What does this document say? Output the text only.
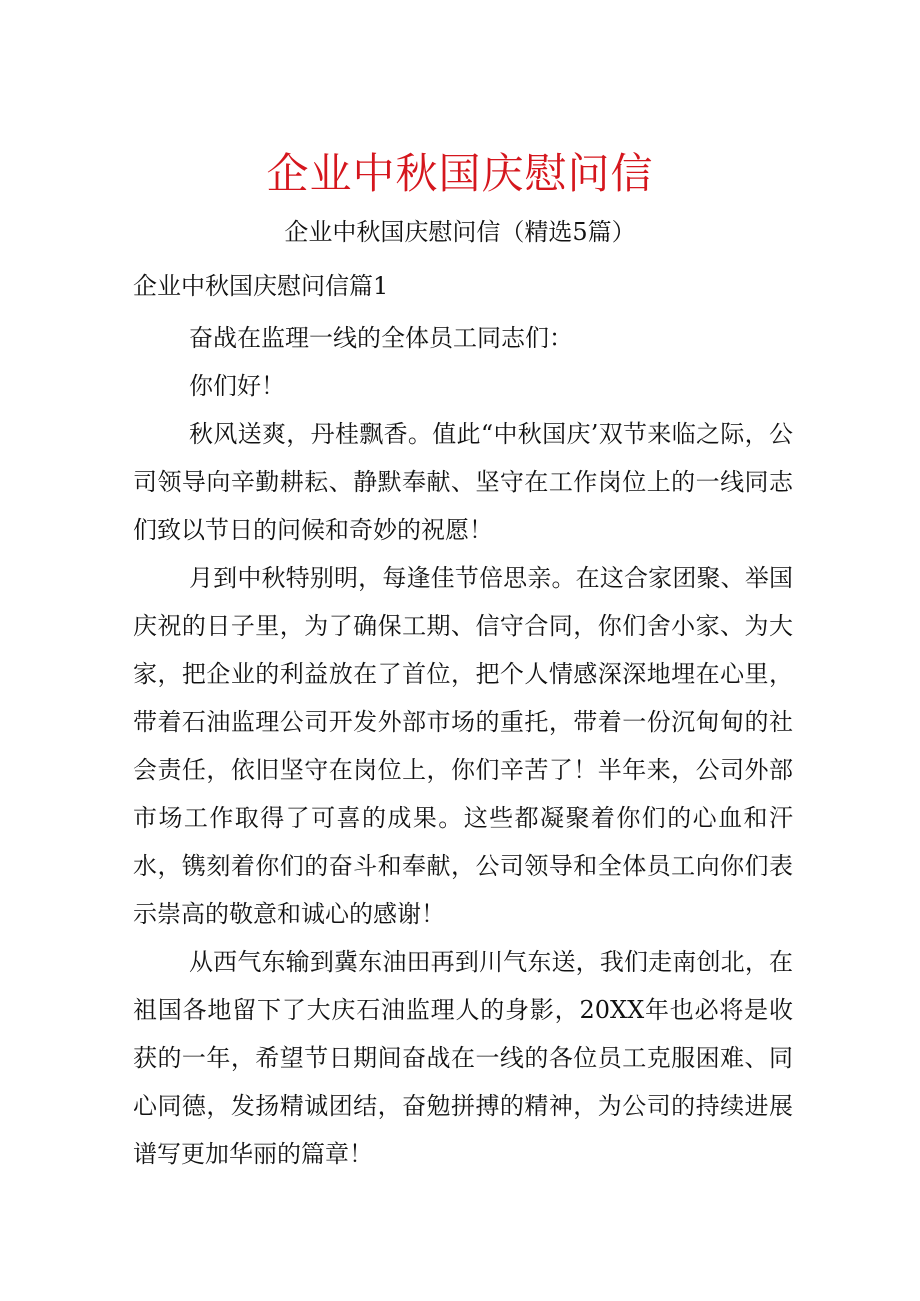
企业中秋国庆慰问信
企业中秋国庆慰问信（精选5篇）
企业中秋国庆慰问信篇1

奋战在监理一线的全体员工同志们：

你们好！

秋风送爽，丹桂飘香。值此“中秋国庆’双节来临之际，公司领导向辛勤耕耘、静默奉献、坚守在工作岗位上的一线同志们致以节日的问候和奇妙的祝愿！

月到中秋特别明，每逢佳节倍思亲。在这合家团聚、举国庆祝的日子里，为了确保工期、信守合同，你们舍小家、为大家，把企业的利益放在了首位，把个人情感深深地埋在心里，带着石油监理公司开发外部市场的重托，带着一份沉甸甸的社会责任，依旧坚守在岗位上，你们辛苦了！半年来，公司外部市场工作取得了可喜的成果。这些都凝聚着你们的心血和汗水，镌刻着你们的奋斗和奉献，公司领导和全体员工向你们表示崇高的敬意和诚心的感谢！

从西气东输到冀东油田再到川气东送，我们走南创北，在祖国各地留下了大庆石油监理人的身影，20XX年也必将是收获的一年，希望节日期间奋战在一线的各位员工克服困难、同心同德，发扬精诚团结，奋勉拼搏的精神，为公司的持续进展谱写更加华丽的篇章！
